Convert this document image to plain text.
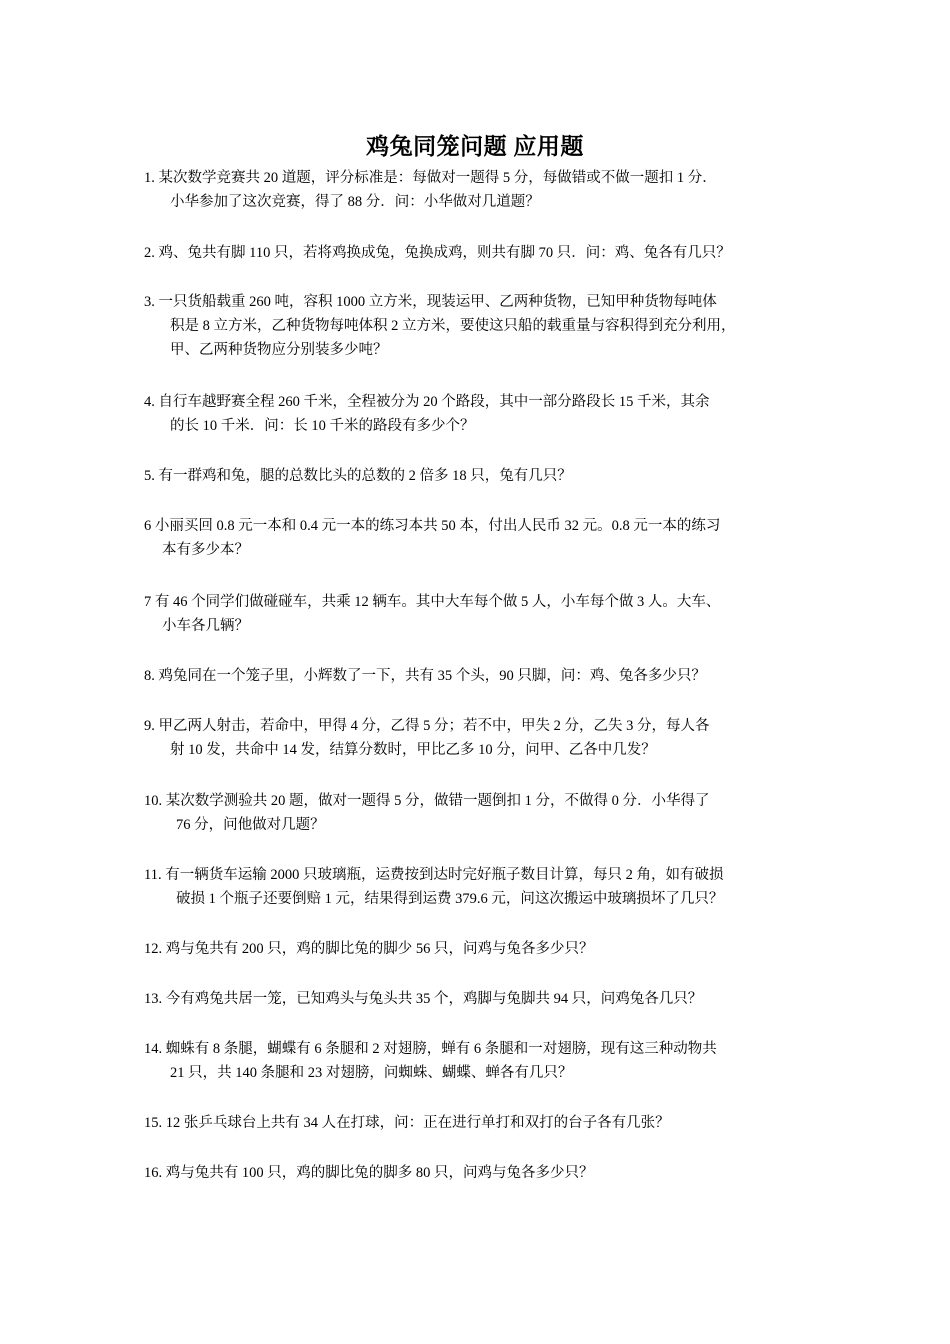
鸡兔同笼问题 应用题
1. 某次数学竞赛共 20 道题，评分标准是：每做对一题得 5 分，每做错或不做一题扣 1 分．
小华参加了这次竞赛，得了 88 分．问：小华做对几道题？
2. 鸡、兔共有脚 110 只，若将鸡换成兔，兔换成鸡，则共有脚 70 只．问：鸡、兔各有几只？
3. 一只货船载重 260 吨，容积 1000 立方米，现装运甲、乙两种货物，已知甲种货物每吨体
积是 8 立方米，乙种货物每吨体积 2 立方米，要使这只船的载重量与容积得到充分利用，
甲、乙两种货物应分别装多少吨？
4. 自行车越野赛全程 260 千米，全程被分为 20 个路段，其中一部分路段长 15 千米，其余
的长 10 千米．问：长 10 千米的路段有多少个？
5. 有一群鸡和兔，腿的总数比头的总数的 2 倍多 18 只，兔有几只？
6 小丽买回 0.8 元一本和 0.4 元一本的练习本共 50 本，付出人民币 32 元。0.8 元一本的练习
本有多少本？
7 有 46 个同学们做碰碰车，共乘 12 辆车。其中大车每个做 5 人，小车每个做 3 人。大车、
小车各几辆？
8. 鸡兔同在一个笼子里，小辉数了一下，共有 35 个头，90 只脚，问：鸡、兔各多少只？
9. 甲乙两人射击，若命中，甲得 4 分，乙得 5 分；若不中，甲失 2 分，乙失 3 分，每人各
射 10 发，共命中 14 发，结算分数时，甲比乙多 10 分，问甲、乙各中几发？
10. 某次数学测验共 20 题，做对一题得 5 分，做错一题倒扣 1 分，不做得 0 分．小华得了
76 分，问他做对几题？
11. 有一辆货车运输 2000 只玻璃瓶，运费按到达时完好瓶子数目计算，每只 2 角，如有破损
破损 1 个瓶子还要倒赔 1 元，结果得到运费 379.6 元，问这次搬运中玻璃损坏了几只？
12. 鸡与兔共有 200 只，鸡的脚比兔的脚少 56 只，问鸡与兔各多少只？
13. 今有鸡兔共居一笼，已知鸡头与兔头共 35 个，鸡脚与兔脚共 94 只，问鸡兔各几只？
14. 蜘蛛有 8 条腿，蝴蝶有 6 条腿和 2 对翅膀，蝉有 6 条腿和一对翅膀，现有这三种动物共
21 只，共 140 条腿和 23 对翅膀，问蜘蛛、蝴蝶、蝉各有几只？
15. 12 张乒乓球台上共有 34 人在打球，问：正在进行单打和双打的台子各有几张？
16. 鸡与兔共有 100 只，鸡的脚比兔的脚多 80 只，问鸡与兔各多少只？
